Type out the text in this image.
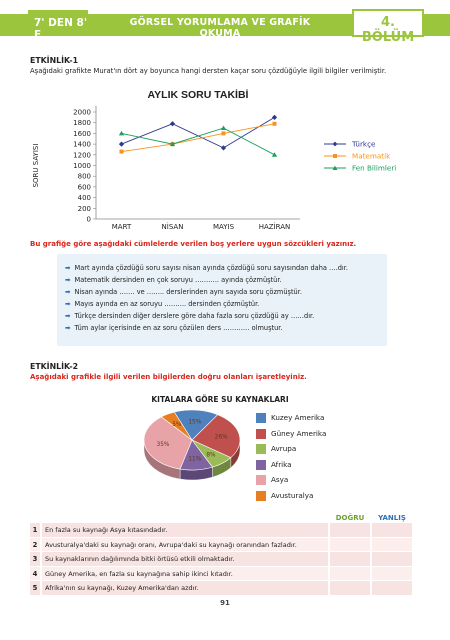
7' DEN 8' E
GÖRSEL YORUMLAMA VE GRAFİK OKUMA
4. BÖLÜM
ETKİNLİK-1
Aşağıdaki grafikte Murat'ın dört ay boyunca hangi dersten kaçar soru çözdüğüyle ilgili bilgiler verilmiştir.
AYLIK SORU TAKİBİ
0
200
400
600
800
1000
1200
1400
1600
1800
2000
SORU SAYISI
MART	NİSAN	MAYIS	HAZİRAN
Türkçe
Matematik
Fen Bilimleri
Bu grafiğe göre aşağıdaki cümlelerde verilen boş yerlere uygun sözcükleri yazınız.
➡ Mart ayında çözdüğü soru sayısı nisan ayında çözdüğü soru sayısından daha ….dır.
➡ Matematik dersinden en çok soruyu ……….. ayında çözmüştür.
➡ Nisan ayında ……. ve …….. derslerinden aynı sayıda soru çözmüştür.
➡ Mayıs ayında en az soruyu ………. dersinden çözmüştür.
➡ Türkçe dersinden diğer derslere göre daha fazla soru çözdüğü ay ……dır.
➡ Tüm aylar içerisinde en az soru çözülen ders ………… olmuştur.
ETKİNLİK-2
Aşağıdaki grafikle ilgili verilen bilgilerden doğru olanları işaretleyiniz.
15%
26%
8%
11%
35%
5%
KITALARA GÖRE SU KAYNAKLARI
Kuzey Amerika
Güney Amerika
Avrupa
Afrika
Asya
Avusturalya
DOĞRU	YANLIŞ
1	En fazla su kaynağı Asya kıtasındadır.
2	Avusturalya'daki su kaynağı oranı, Avrupa'daki su kaynağı oranından fazladır.
3	Su kaynaklarının dağılımında bitki örtüsü etkili olmaktadır.
4	Güney Amerika, en fazla su kaynağına sahip ikinci kıtadır.
5	Afrika'nın su kaynağı, Kuzey Amerika'dan azdır.
91
